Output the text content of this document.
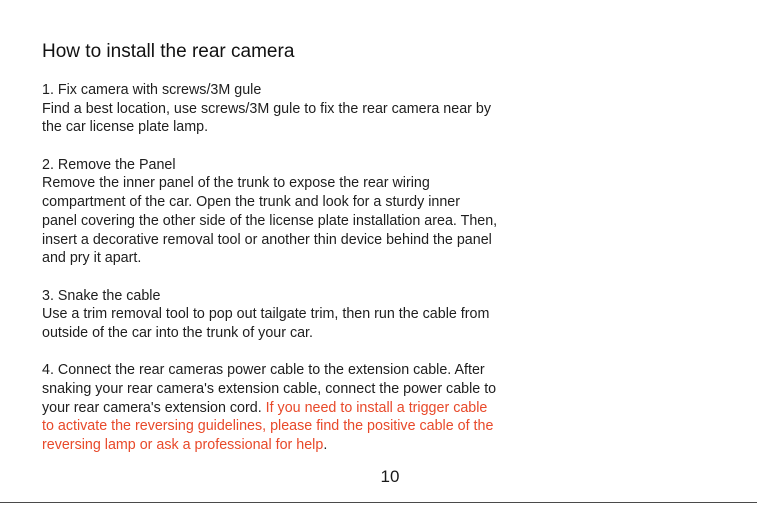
How to install the rear camera
1. Fix camera with screws/3M gule
Find a best location, use screws/3M gule to fix the rear camera near by
the car license plate lamp.
2. Remove the Panel
Remove the inner panel of the trunk to expose the rear wiring
compartment of the car. Open the trunk and look for a sturdy inner
panel covering the other side of the license plate installation area. Then,
insert a decorative removal tool or another thin device behind the panel
and pry it apart.
3. Snake the cable
Use a trim removal tool to pop out tailgate trim, then run the cable from
outside of the car into the trunk of your car.
4. Connect the rear cameras power cable to the extension cable. After
snaking your rear camera's extension cable, connect the power cable to
your rear camera's extension cord. If you need to install a trigger cable
to activate the reversing guidelines, please find the positive cable of the
reversing lamp or ask a professional for help.
10
